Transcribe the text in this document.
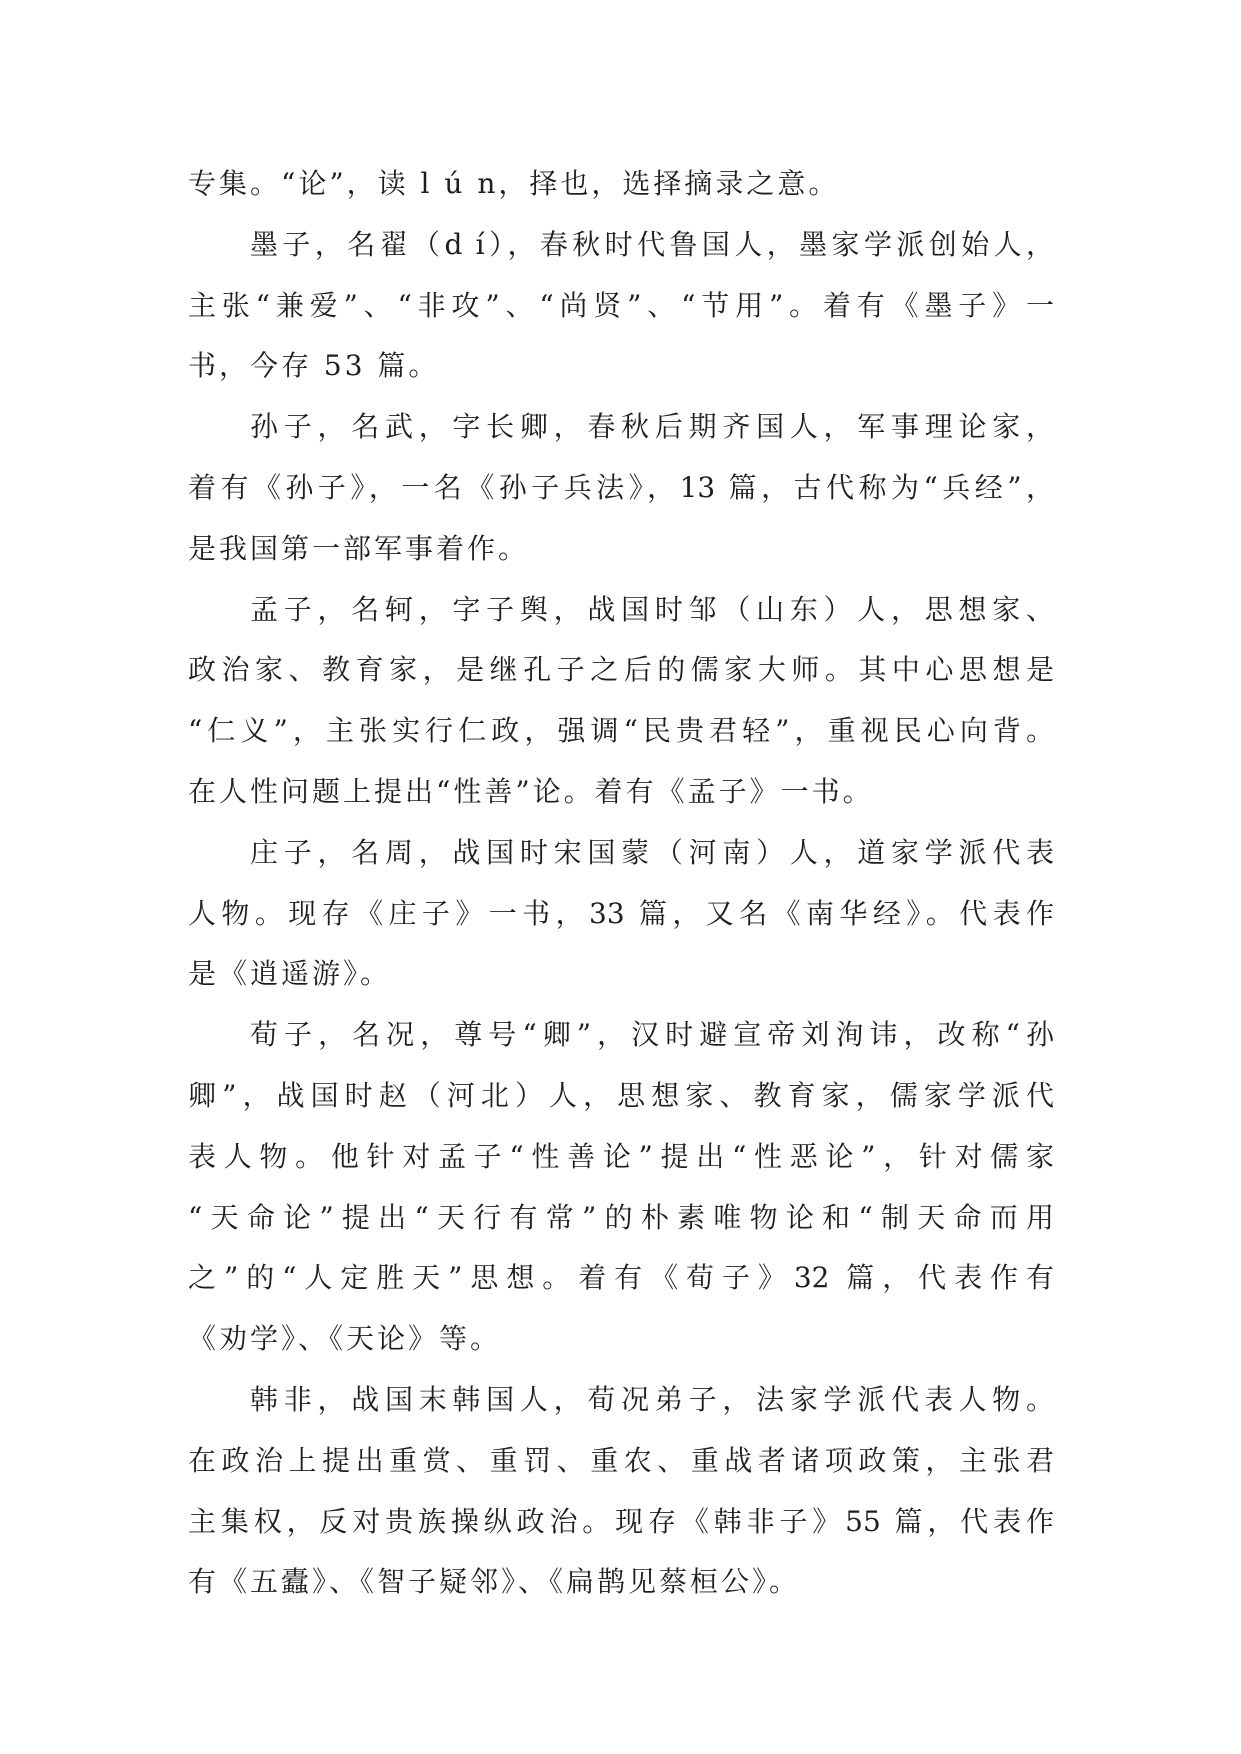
专集。“论”，读 l ú n，择也，选择摘录之意。
墨子，名翟（d í），春秋时代鲁国人，墨家学派创始人，
主张“兼爱”、“非攻”、“尚贤”、“节用”。着有《墨子》一
书，今存 53 篇。
孙子，名武，字长卿，春秋后期齐国人，军事理论家，
着有《孙子》，一名《孙子兵法》，13 篇，古代称为“兵经”，
是我国第一部军事着作。
孟子，名轲，字子舆，战国时邹（山东）人，思想家、
政治家、教育家，是继孔子之后的儒家大师。其中心思想是
“仁义”，主张实行仁政，强调“民贵君轻”，重视民心向背。
在人性问题上提出“性善”论。着有《孟子》一书。
庄子，名周，战国时宋国蒙（河南）人，道家学派代表
人物。现存《庄子》一书，33 篇，又名《南华经》。代表作
是《逍遥游》。
荀子，名况，尊号“卿”，汉时避宣帝刘洵讳，改称“孙
卿”，战国时赵（河北）人，思想家、教育家，儒家学派代
表人物。他针对孟子“性善论”提出“性恶论”，针对儒家
“天命论”提出“天行有常”的朴素唯物论和“制天命而用
之”的“人定胜天”思想。着有《荀子》32 篇，代表作有
《劝学》、《天论》等。
韩非，战国末韩国人，荀况弟子，法家学派代表人物。
在政治上提出重赏、重罚、重农、重战者诸项政策，主张君
主集权，反对贵族操纵政治。现存《韩非子》55 篇，代表作
有《五蠹》、《智子疑邻》、《扁鹊见蔡桓公》。
